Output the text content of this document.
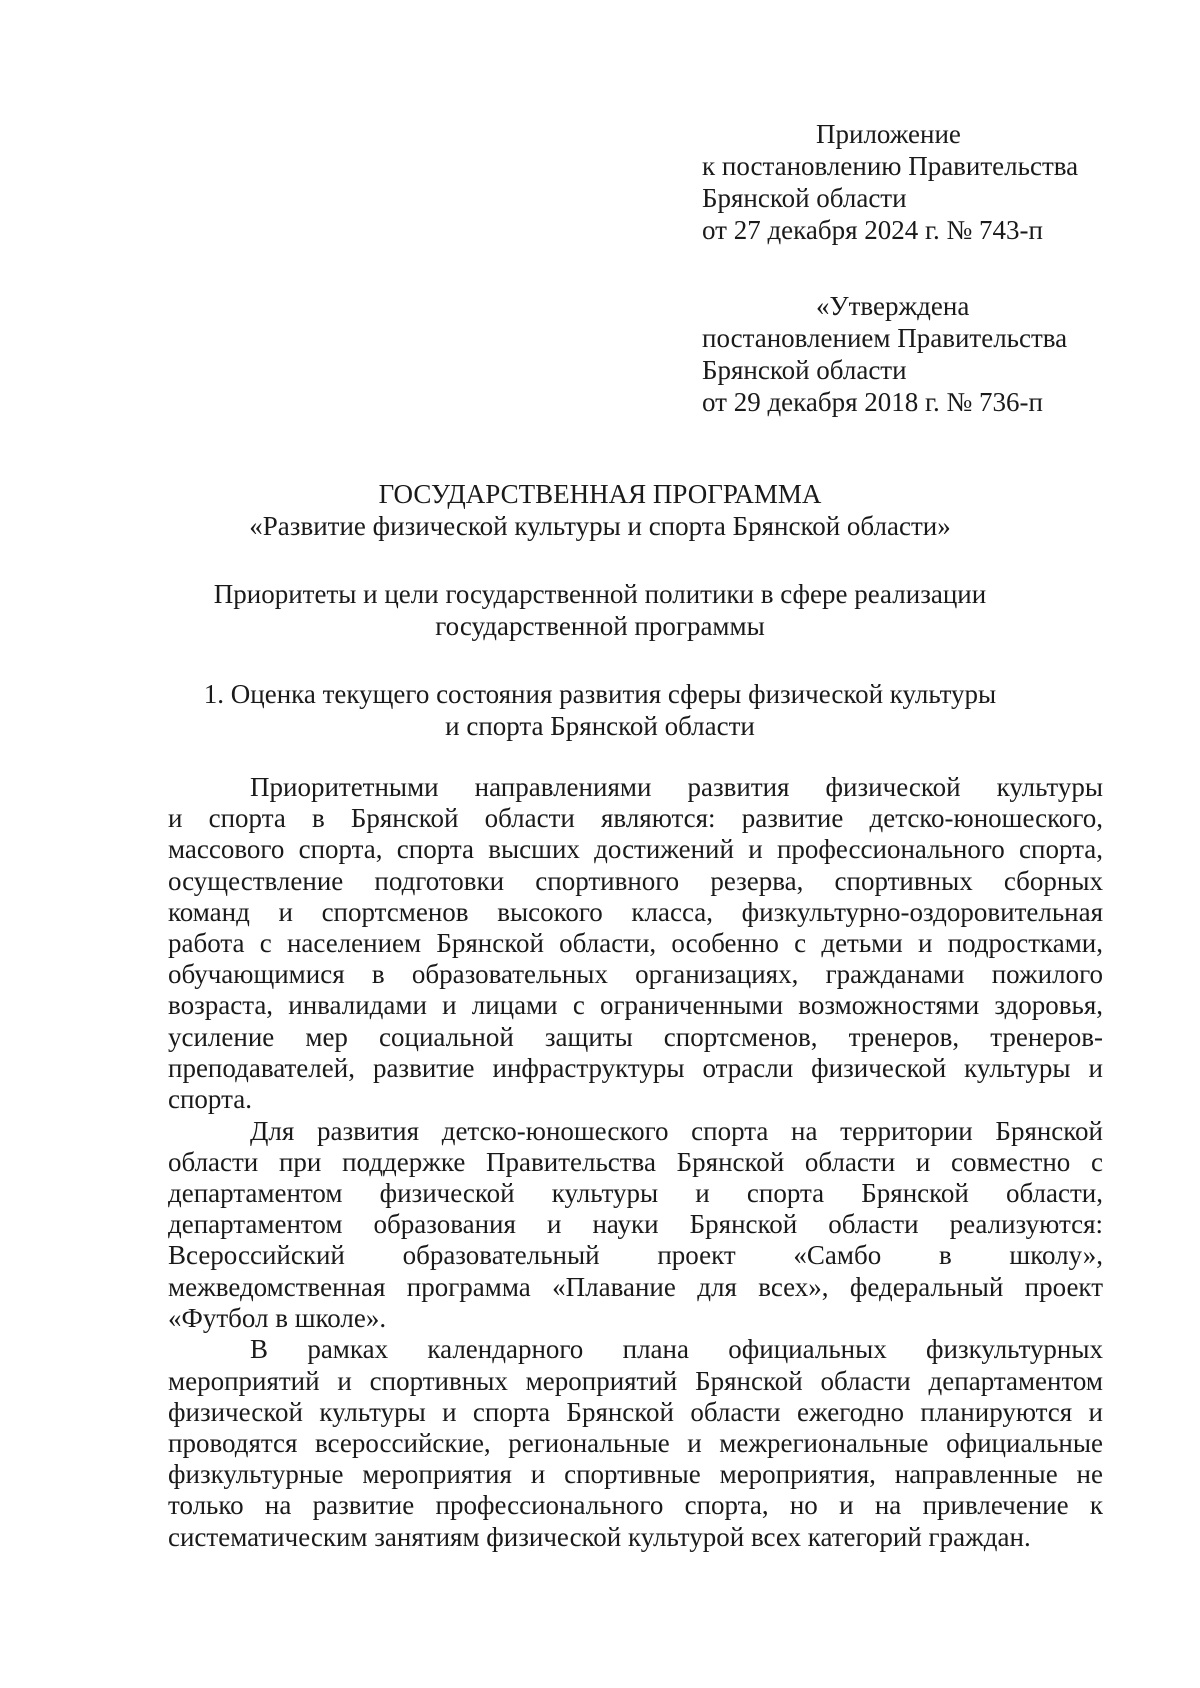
Приложение
к постановлению Правительства
Брянской области
от 27 декабря 2024 г. № 743-п
«Утверждена
постановлением Правительства
Брянской области
от 29 декабря 2018 г. № 736-п
ГОСУДАРСТВЕННАЯ ПРОГРАММА
«Развитие физической культуры и спорта Брянской области»
Приоритеты и цели государственной политики в сфере реализации
государственной программы
1. Оценка текущего состояния развития сферы физической культуры
и спорта Брянской области
Приоритетными направлениями развития физической культуры
и спорта в Брянской области являются: развитие детско-юношеского,
массового спорта, спорта высших достижений и профессионального спорта,
осуществление подготовки спортивного резерва, спортивных сборных
команд и спортсменов высокого класса, физкультурно-оздоровительная
работа с населением Брянской области, особенно с детьми и подростками,
обучающимися в образовательных организациях, гражданами пожилого
возраста, инвалидами и лицами с ограниченными возможностями здоровья,
усиление мер социальной защиты спортсменов, тренеров, тренеров-
преподавателей, развитие инфраструктуры отрасли физической культуры и
спорта.
Для развития детско-юношеского спорта на территории Брянской
области при поддержке Правительства Брянской области и совместно с
департаментом физической культуры и спорта Брянской области,
департаментом образования и науки Брянской области реализуются:
Всероссийский образовательный проект «Самбо в школу»,
межведомственная программа «Плавание для всех», федеральный проект
«Футбол в школе».
В рамках календарного плана официальных физкультурных
мероприятий и спортивных мероприятий Брянской области департаментом
физической культуры и спорта Брянской области ежегодно планируются и
проводятся всероссийские, региональные и межрегиональные официальные
физкультурные мероприятия и спортивные мероприятия, направленные не
только на развитие профессионального спорта, но и на привлечение к
систематическим занятиям физической культурой всех категорий граждан.
